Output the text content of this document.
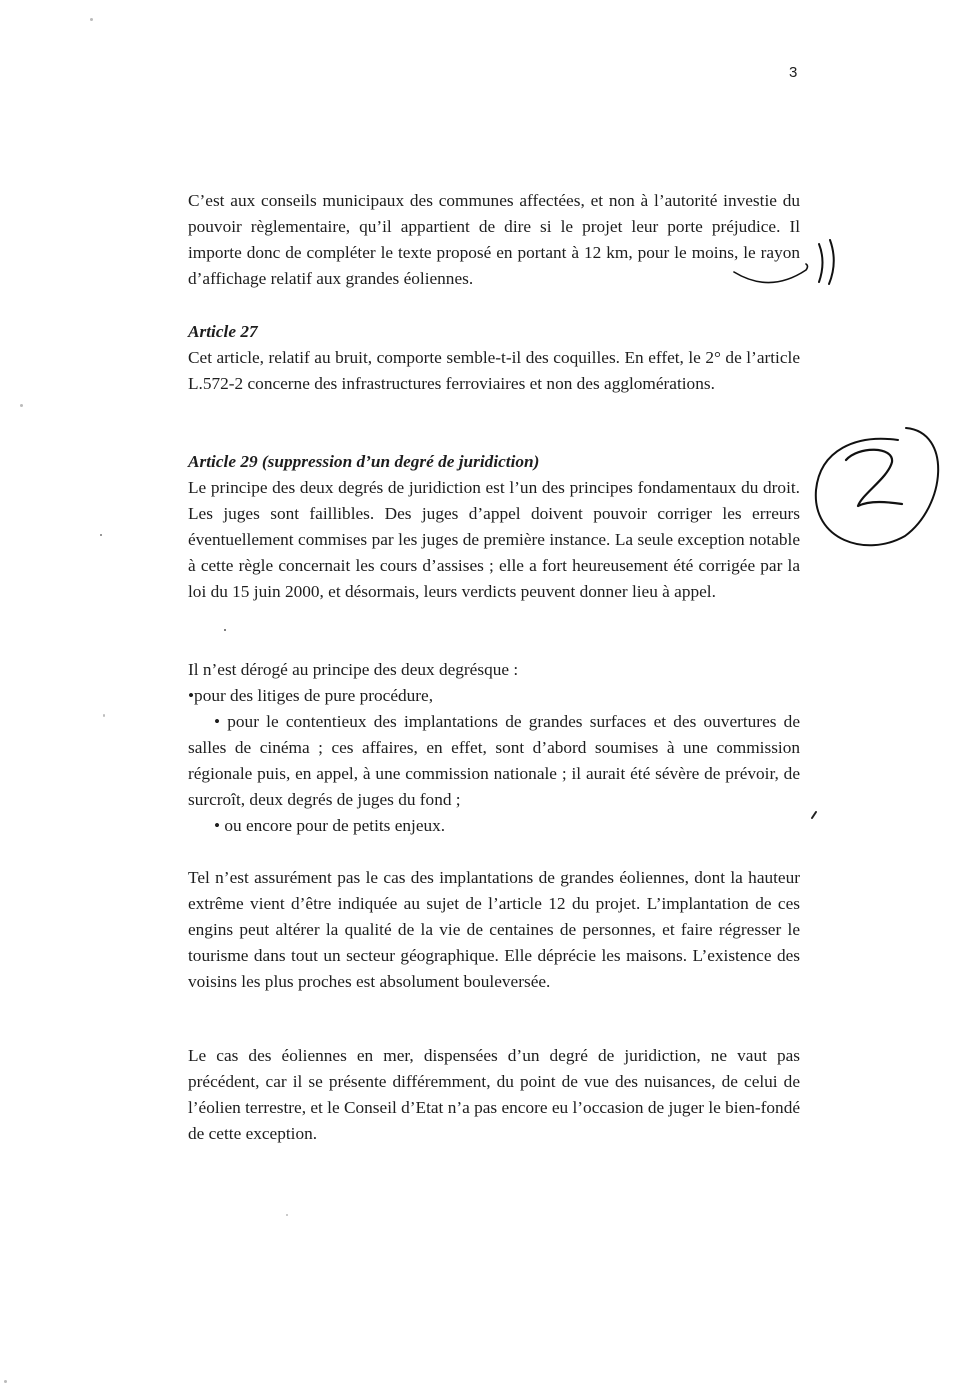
3

C’est aux conseils municipaux des communes affectées, et non à l’autorité investie du pouvoir règlementaire, qu’il appartient de dire si le projet leur porte préjudice. Il importe donc de compléter le texte proposé en portant à 12 km, pour le moins, le rayon d’affichage relatif aux grandes éoliennes.

Article 27

Cet article, relatif au bruit, comporte semble-t-il des coquilles. En effet, le 2° de l’article L.572-2 concerne des infrastructures ferroviaires et non des agglomérations.

Article 29 (suppression d’un degré de juridiction)

Le principe des deux degrés de juridiction est l’un des principes fondamentaux du droit. Les juges sont faillibles. Des juges d’appel doivent pouvoir corriger les erreurs éventuellement commises par les juges de première instance. La seule exception notable à cette règle concernait les cours d’assises ; elle a fort heureusement été corrigée par la loi du 15 juin 2000, et désormais, leurs verdicts peuvent donner lieu à appel.

Il n’est dérogé au principe des deux degrésque :

•pour des litiges de pure procédure,

• pour le contentieux des implantations de grandes surfaces et des ouvertures de salles de cinéma ; ces affaires, en effet, sont d’abord soumises à une commission régionale puis, en appel, à une commission nationale ; il aurait été sévère de prévoir, de surcroît, deux degrés de juges du fond ;

• ou encore pour de petits enjeux.

Tel n’est assurément pas le cas des implantations de grandes éoliennes, dont la hauteur extrême vient d’être indiquée au sujet de l’article 12 du projet. L’implantation de ces engins peut altérer la qualité de la vie de centaines de personnes, et faire régresser le tourisme dans tout un secteur géographique. Elle déprécie les maisons. L’existence des voisins les plus proches est absolument bouleversée.

Le cas des éoliennes en mer, dispensées d’un degré de juridiction, ne vaut pas précédent, car il se présente différemment, du point de vue des nuisances, de celui de l’éolien terrestre, et le Conseil d’Etat n’a pas encore eu l’occasion de juger le bien-fondé de cette exception.
